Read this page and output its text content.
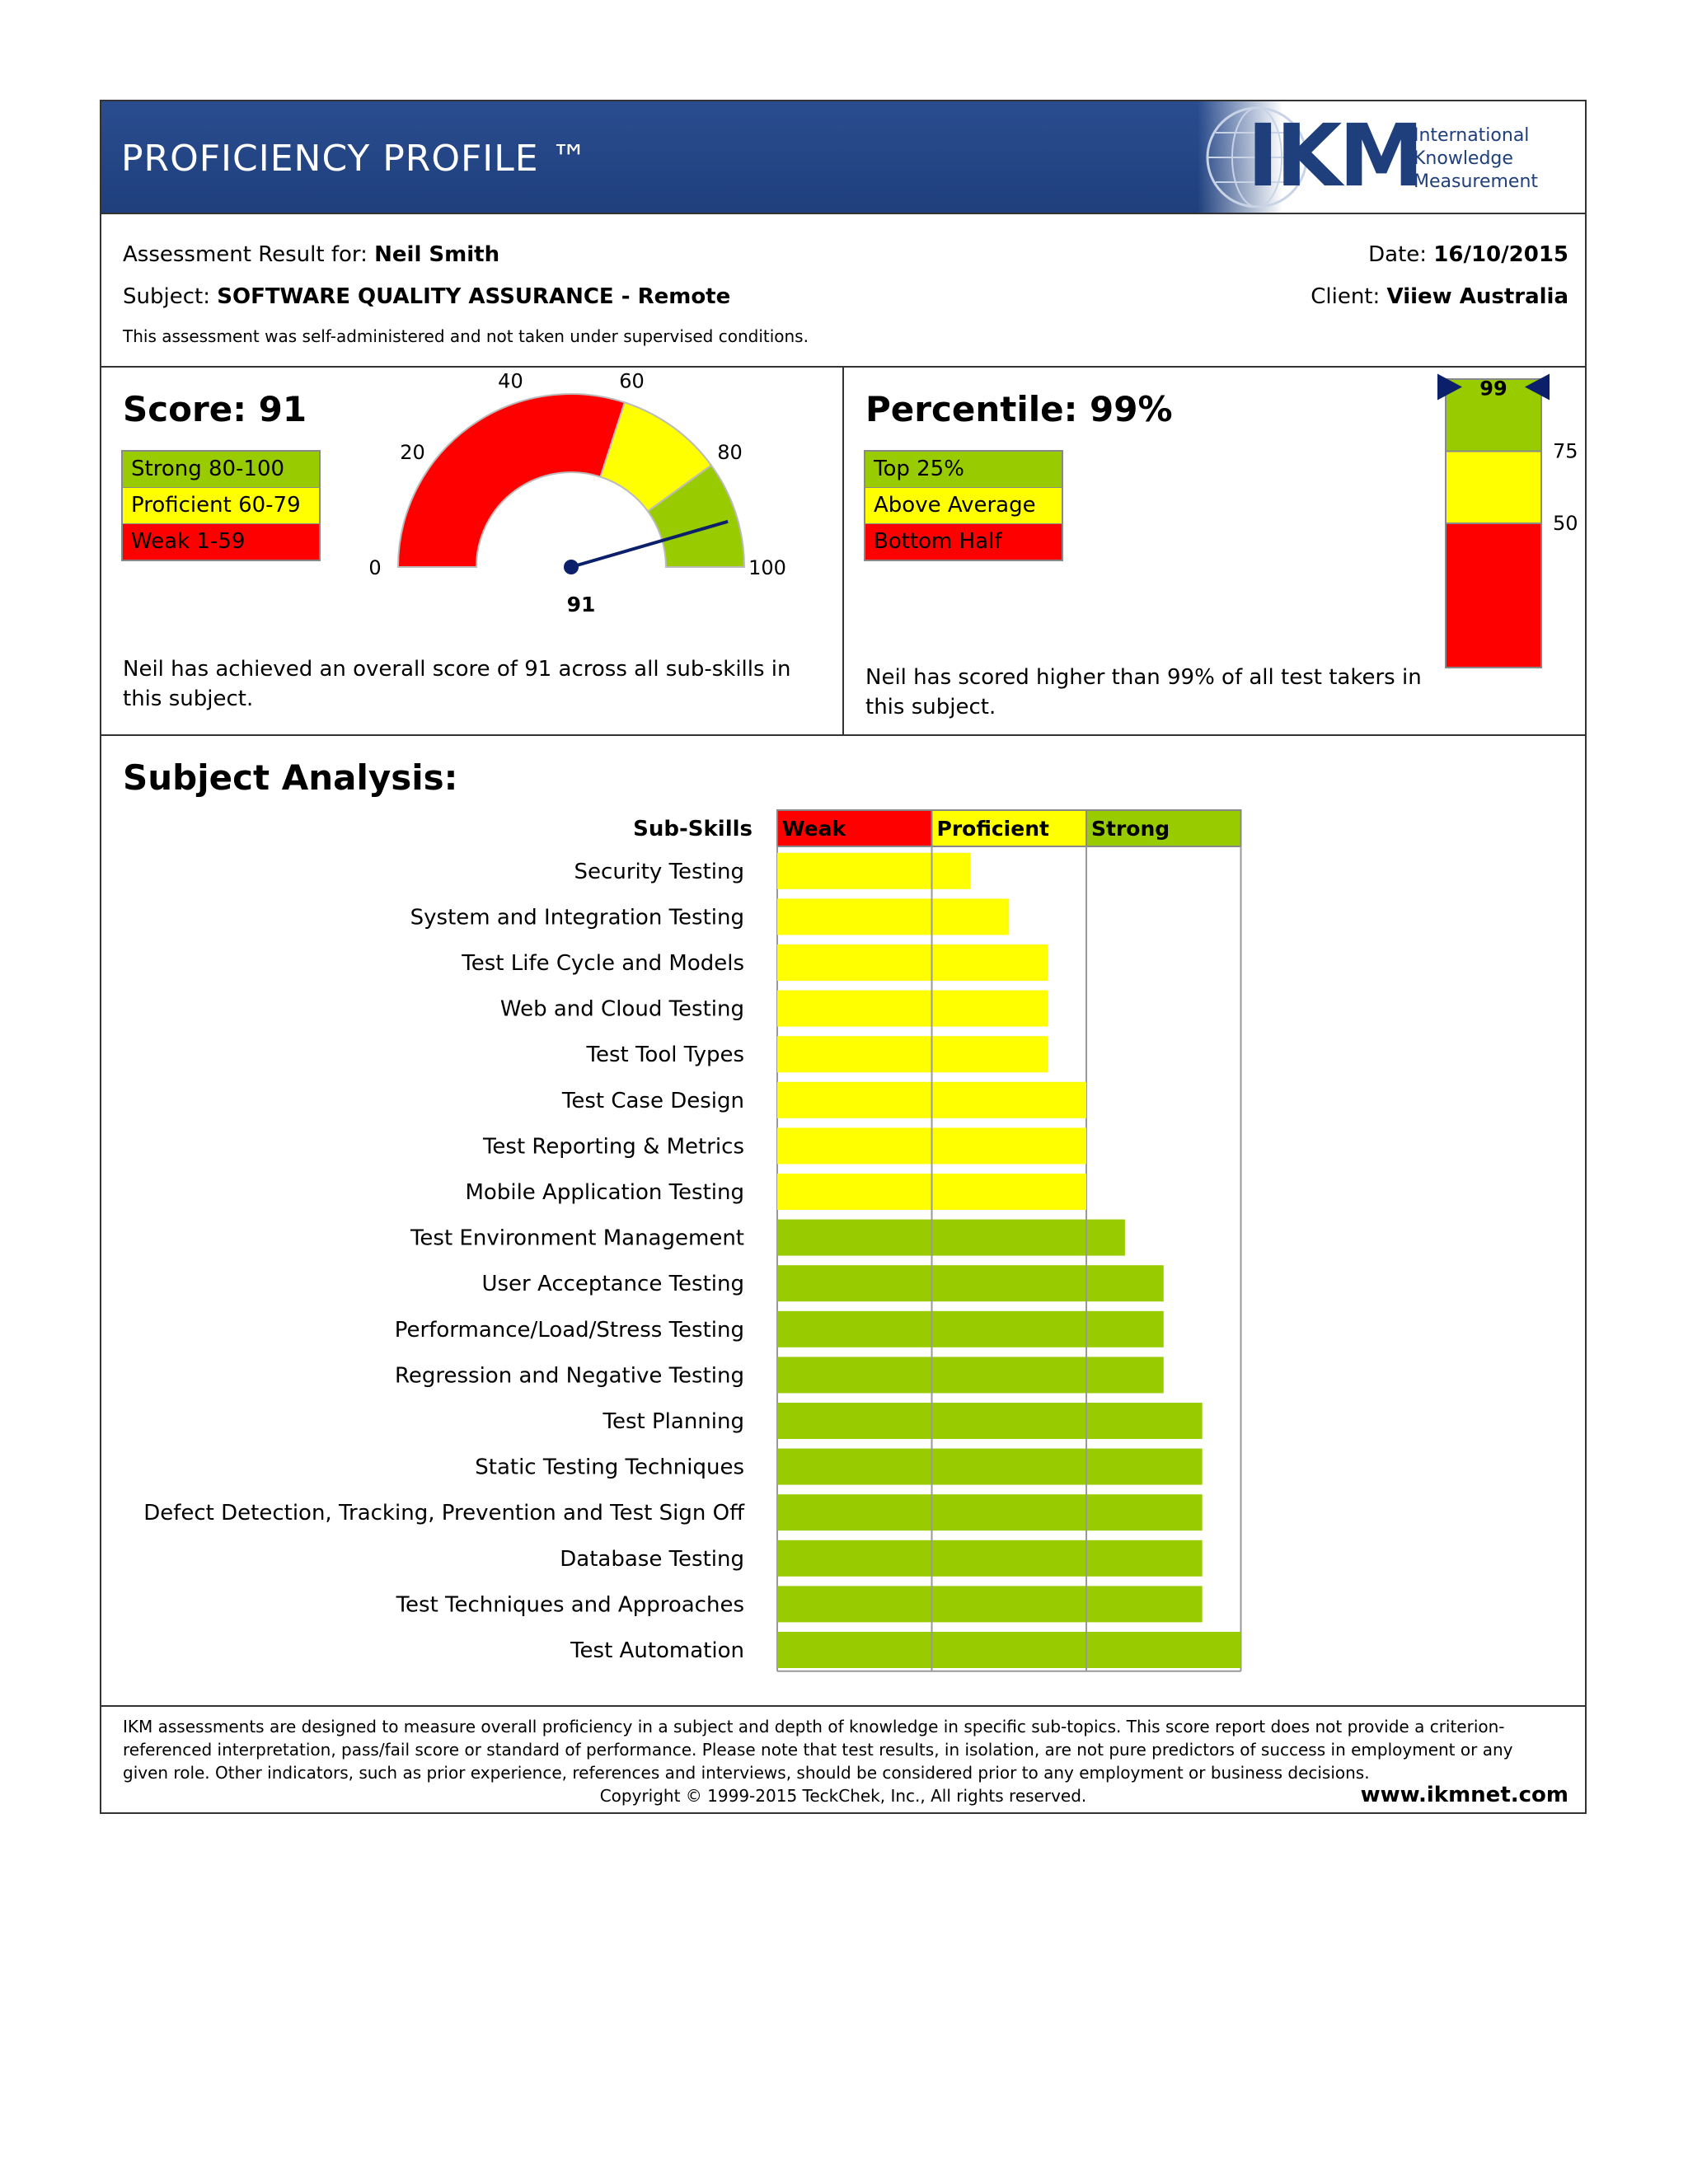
PROFICIENCY PROFILE ™	IKM
International
Knowledge
Measurement
Assessment Result for: Neil Smith	Date: 16/10/2015
Subject: SOFTWARE QUALITY ASSURANCE - Remote	Client: Viiew Australia
This assessment was self-administered and not taken under supervised conditions.
Score: 91
Strong 80-100
Proficient 60-79
Weak 1-59
0
20
40	60
80
100
91
Neil has achieved an overall score of 91 across all sub-skills in this subject.
Percentile: 99%
Top 25%
Above Average
Bottom Half
Neil has scored higher than 99% of all test takers in this subject.
75
50
99
Subject Analysis:
Sub-Skills Weak	Proficient Strong
Security Testing
System and Integration Testing
Test Life Cycle and Models
Web and Cloud Testing
Test Tool Types
Test Case Design
Test Reporting & Metrics
Mobile Application Testing
Test Environment Management
User Acceptance Testing
Performance/Load/Stress Testing
Regression and Negative Testing
Test Planning
Static Testing Techniques
Defect Detection, Tracking, Prevention and Test Sign Off
Database Testing
Test Techniques and Approaches
Test Automation
IKM assessments are designed to measure overall proficiency in a subject and depth of knowledge in specific sub-topics. This score report does not provide a criterion-referenced interpretation, pass/fail score or standard of performance. Please note that test results, in isolation, are not pure predictors of success in employment or any given role. Other indicators, such as prior experience, references and interviews, should be considered prior to any employment or business decisions.
Copyright © 1999-2015 TeckChek, Inc., All rights reserved.	www.ikmnet.com
